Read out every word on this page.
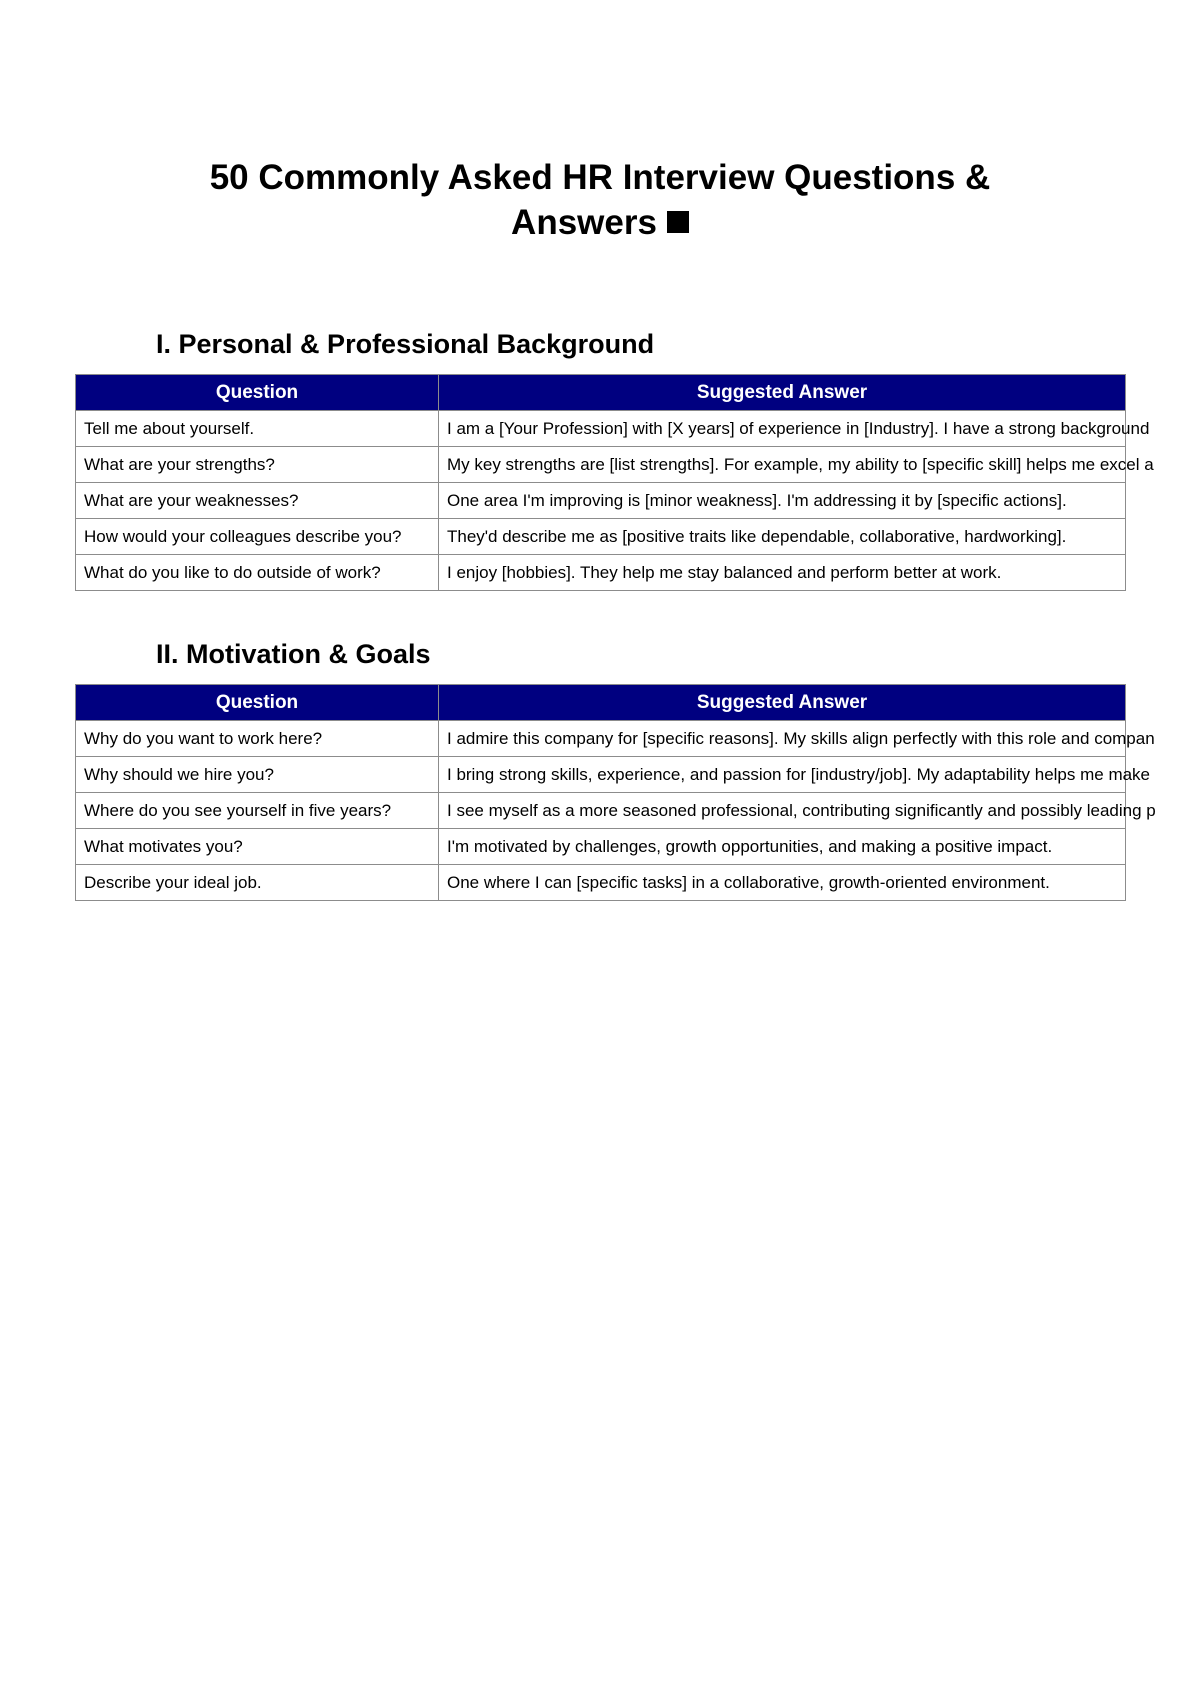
50 Commonly Asked HR Interview Questions & Answers
I. Personal & Professional Background
Question	Suggested Answer
Tell me about yourself.	I am a [Your Profession] with [X years] of experience in [Industry]. I have a strong background
What are your strengths?	My key strengths are [list strengths]. For example, my ability to [specific skill] helps me excel a
What are your weaknesses?	One area I'm improving is [minor weakness]. I'm addressing it by [specific actions].
How would your colleagues describe you?	They'd describe me as [positive traits like dependable, collaborative, hardworking].
What do you like to do outside of work?	I enjoy [hobbies]. They help me stay balanced and perform better at work.
II. Motivation & Goals
Question	Suggested Answer
Why do you want to work here?	I admire this company for [specific reasons]. My skills align perfectly with this role and compan
Why should we hire you?	I bring strong skills, experience, and passion for [industry/job]. My adaptability helps me make
Where do you see yourself in five years?	I see myself as a more seasoned professional, contributing significantly and possibly leading p
What motivates you?	I'm motivated by challenges, growth opportunities, and making a positive impact.
Describe your ideal job.	One where I can [specific tasks] in a collaborative, growth-oriented environment.
